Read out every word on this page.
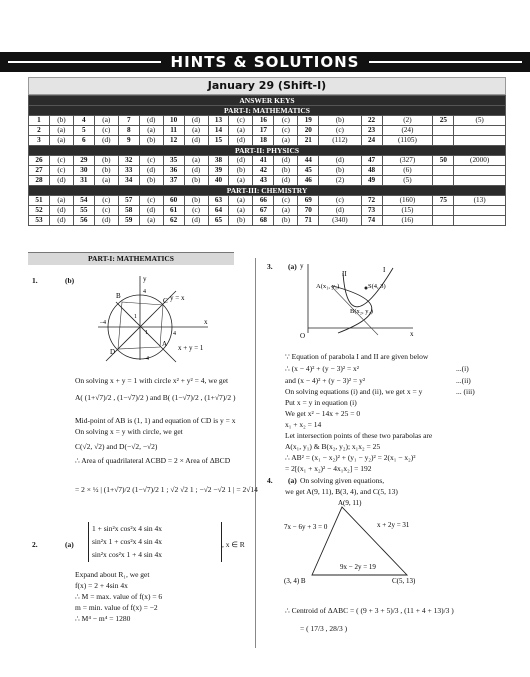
HINTS & SOLUTIONS
January 29 (Shift-I)
ANSWER KEYS																	
PART-I: MATHEMATICS																	
1	(b)	4	(a)	7	(d)	10	(d)	13	(c)	16	(c)	19	(b)	22	(2)	25	(5)
2	(a)	5	(c)	8	(a)	11	(a)	14	(a)	17	(c)	20	(c)	23	(24)		
3	(a)	6	(d)	9	(b)	12	(d)	15	(d)	18	(a)	21	(112)	24	(1105)		
PART-II: PHYSICS																	
26	(c)	29	(b)	32	(c)	35	(a)	38	(d)	41	(d)	44	(d)	47	(327)	50	(2000)
27	(c)	30	(b)	33	(d)	36	(d)	39	(b)	42	(b)	45	(b)	48	(6)		
28	(d)	31	(a)	34	(b)	37	(b)	40	(a)	43	(d)	46	(2)	49	(5)		
PART-III: CHEMISTRY																	
51	(a)	54	(c)	57	(c)	60	(b)	63	(a)	66	(c)	69	(c)	72	(160)	75	(13)
52	(d)	55	(c)	58	(d)	61	(c)	64	(a)	67	(a)	70	(d)	73	(15)		
53	(d)	56	(d)	59	(a)	62	(d)	65	(b)	68	(b)	71	(340)	74	(16)		
PART-I: MATHEMATICS
1.	(b)	y
x
y = x
x + y = 1
B
C
A
D
4
–4
–4
4
1
1
On solving x + y = 1 with circle x² + y² = 4, we get
A( (1+√7)/2 , (1−√7)/2 ) and B( (1−√7)/2 , (1+√7)/2 )
Mid-point of AB is (1, 1) and equation of CD is y = x
On solving x = y with circle, we get
C(√2, √2) and D(−√2, −√2)
∴ Area of quadrilateral ACBD = 2 × Area of ΔBCD
= 2 × ½ | (1+√7)/2 (1−√7)/2 1 ; √2 √2 1 ; −√2 −√2 1 | = 2√14
2.	(a)
1 + sin²x cos²x 4 sin 4x
sin²x 1 + cos²x 4 sin 4x
sin²x cos²x 1 + 4 sin 4x
, x ∈ R
Expand about R₁, we get
f(x) = 2 + 4sin 4x
∴ M = max. value of f(x) = 6
m = min. value of f(x) = −2
∴ M⁴ − m⁴ = 1280
3. (a) y
x
I
II
A(x₁, y₁)	S(4, 3)
B(x₂, y₂)
O
∵ Equation of parabola I and II are given below
∴ (x − 4)² + (y − 3)² = x²	...(i)
and (x − 4)² + (y − 3)² = y²	...(ii)
On solving equations (i) and (ii), we get x = y	... (iii)
Put x = y in equation (i)
We get x² − 14x + 25 = 0
x₁ + x₂ = 14
Let intersection points of these two parabolas are
A(x₁, y₁) & B(x₂, y₂); x₁x₂ = 25
∴ AB² = (x₁ − x₂)² + (y₁ − y₂)² = 2(x₁ − x₂)²
= 2[(x₁ + x₂)² − 4x₁x₂] = 192
4. (a) On solving given equations,
we get A(9, 11), B(3, 4), and C(5, 13)
A(9, 11)
(3, 4) B	C(5, 13)
7x − 6y + 3 = 0	x + 2y = 31
9x − 2y = 19
∴ Centroid of ΔABC = ( (9 + 3 + 5)/3 , (11 + 4 + 13)/3 )
= ( 17/3 , 28/3 )
